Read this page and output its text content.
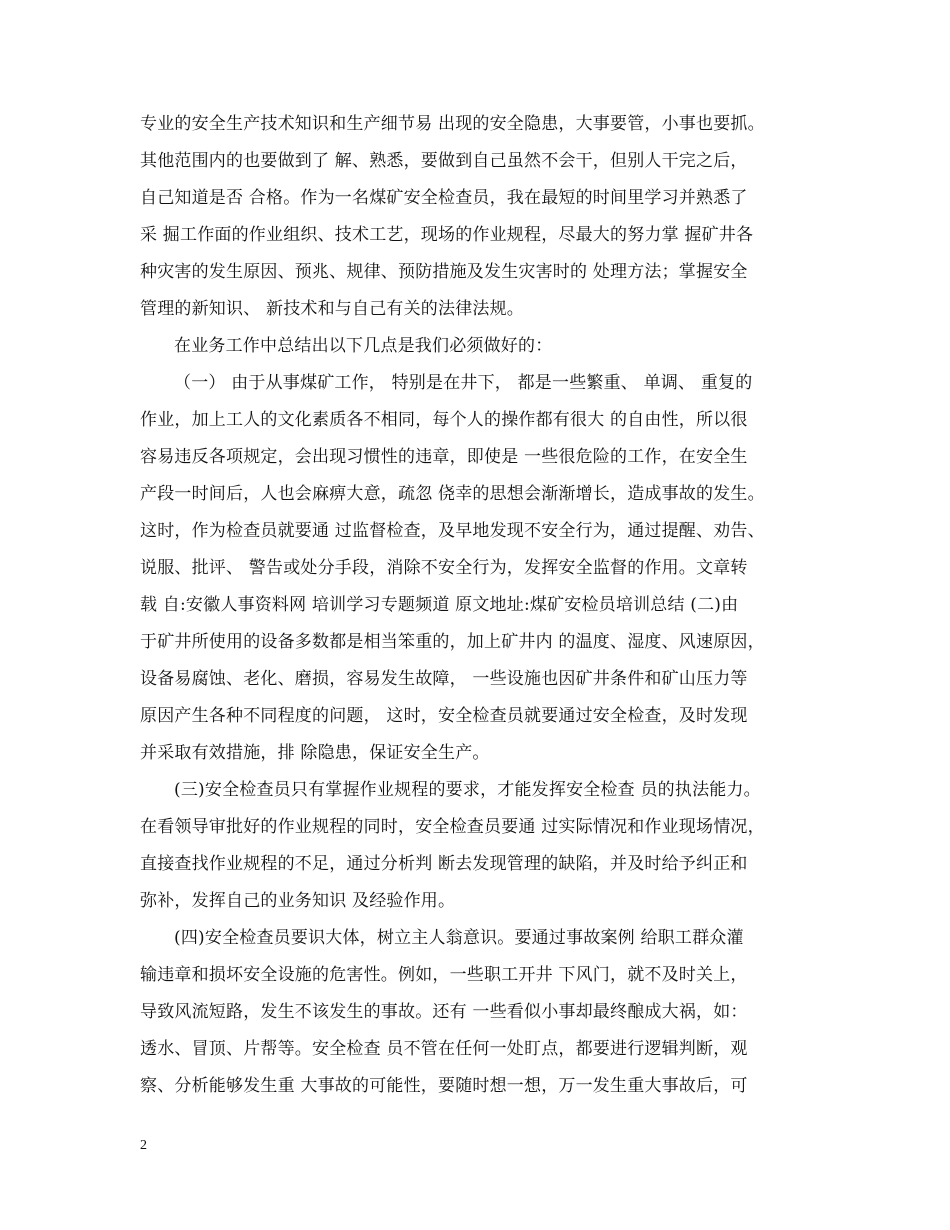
专业的安全生产技术知识和生产细节易 出现的安全隐患，大事要管，小事也要抓。
其他范围内的也要做到了 解、熟悉，要做到自己虽然不会干，但别人干完之后，
自己知道是否 合格。作为一名煤矿安全检查员，我在最短的时间里学习并熟悉了
采 掘工作面的作业组织、技术工艺，现场的作业规程，尽最大的努力掌 握矿井各
种灾害的发生原因、预兆、规律、预防措施及发生灾害时的 处理方法；掌握安全
管理的新知识、 新技术和与自己有关的法律法规。
在业务工作中总结出以下几点是我们必须做好的：
（一） 由于从事煤矿工作， 特别是在井下， 都是一些繁重、 单调、 重复的
作业，加上工人的文化素质各不相同，每个人的操作都有很大 的自由性，所以很
容易违反各项规定，会出现习惯性的违章，即使是 一些很危险的工作，在安全生
产段一时间后，人也会麻痹大意，疏忽 侥幸的思想会渐渐增长，造成事故的发生。
这时，作为检查员就要通 过监督检查，及早地发现不安全行为，通过提醒、劝告、
说服、批评、 警告或处分手段，消除不安全行为，发挥安全监督的作用。文章转
载 自:安徽人事资料网 培训学习专题频道 原文地址:煤矿安检员培训总结 (二)由
于矿井所使用的设备多数都是相当笨重的，加上矿井内 的温度、湿度、风速原因，
设备易腐蚀、老化、磨损，容易发生故障， 一些设施也因矿井条件和矿山压力等
原因产生各种不同程度的问题， 这时，安全检查员就要通过安全检查，及时发现
并采取有效措施，排 除隐患，保证安全生产。
(三)安全检查员只有掌握作业规程的要求，才能发挥安全检查 员的执法能力。
在看领导审批好的作业规程的同时，安全检查员要通 过实际情况和作业现场情况，
直接查找作业规程的不足，通过分析判 断去发现管理的缺陷，并及时给予纠正和
弥补，发挥自己的业务知识 及经验作用。
(四)安全检查员要识大体，树立主人翁意识。要通过事故案例 给职工群众灌
输违章和损坏安全设施的危害性。例如，一些职工开井 下风门，就不及时关上，
导致风流短路，发生不该发生的事故。还有 一些看似小事却最终酿成大祸，如：
透水、冒顶、片帮等。安全检查 员不管在任何一处盯点，都要进行逻辑判断，观
察、分析能够发生重 大事故的可能性，要随时想一想，万一发生重大事故后，可
2
